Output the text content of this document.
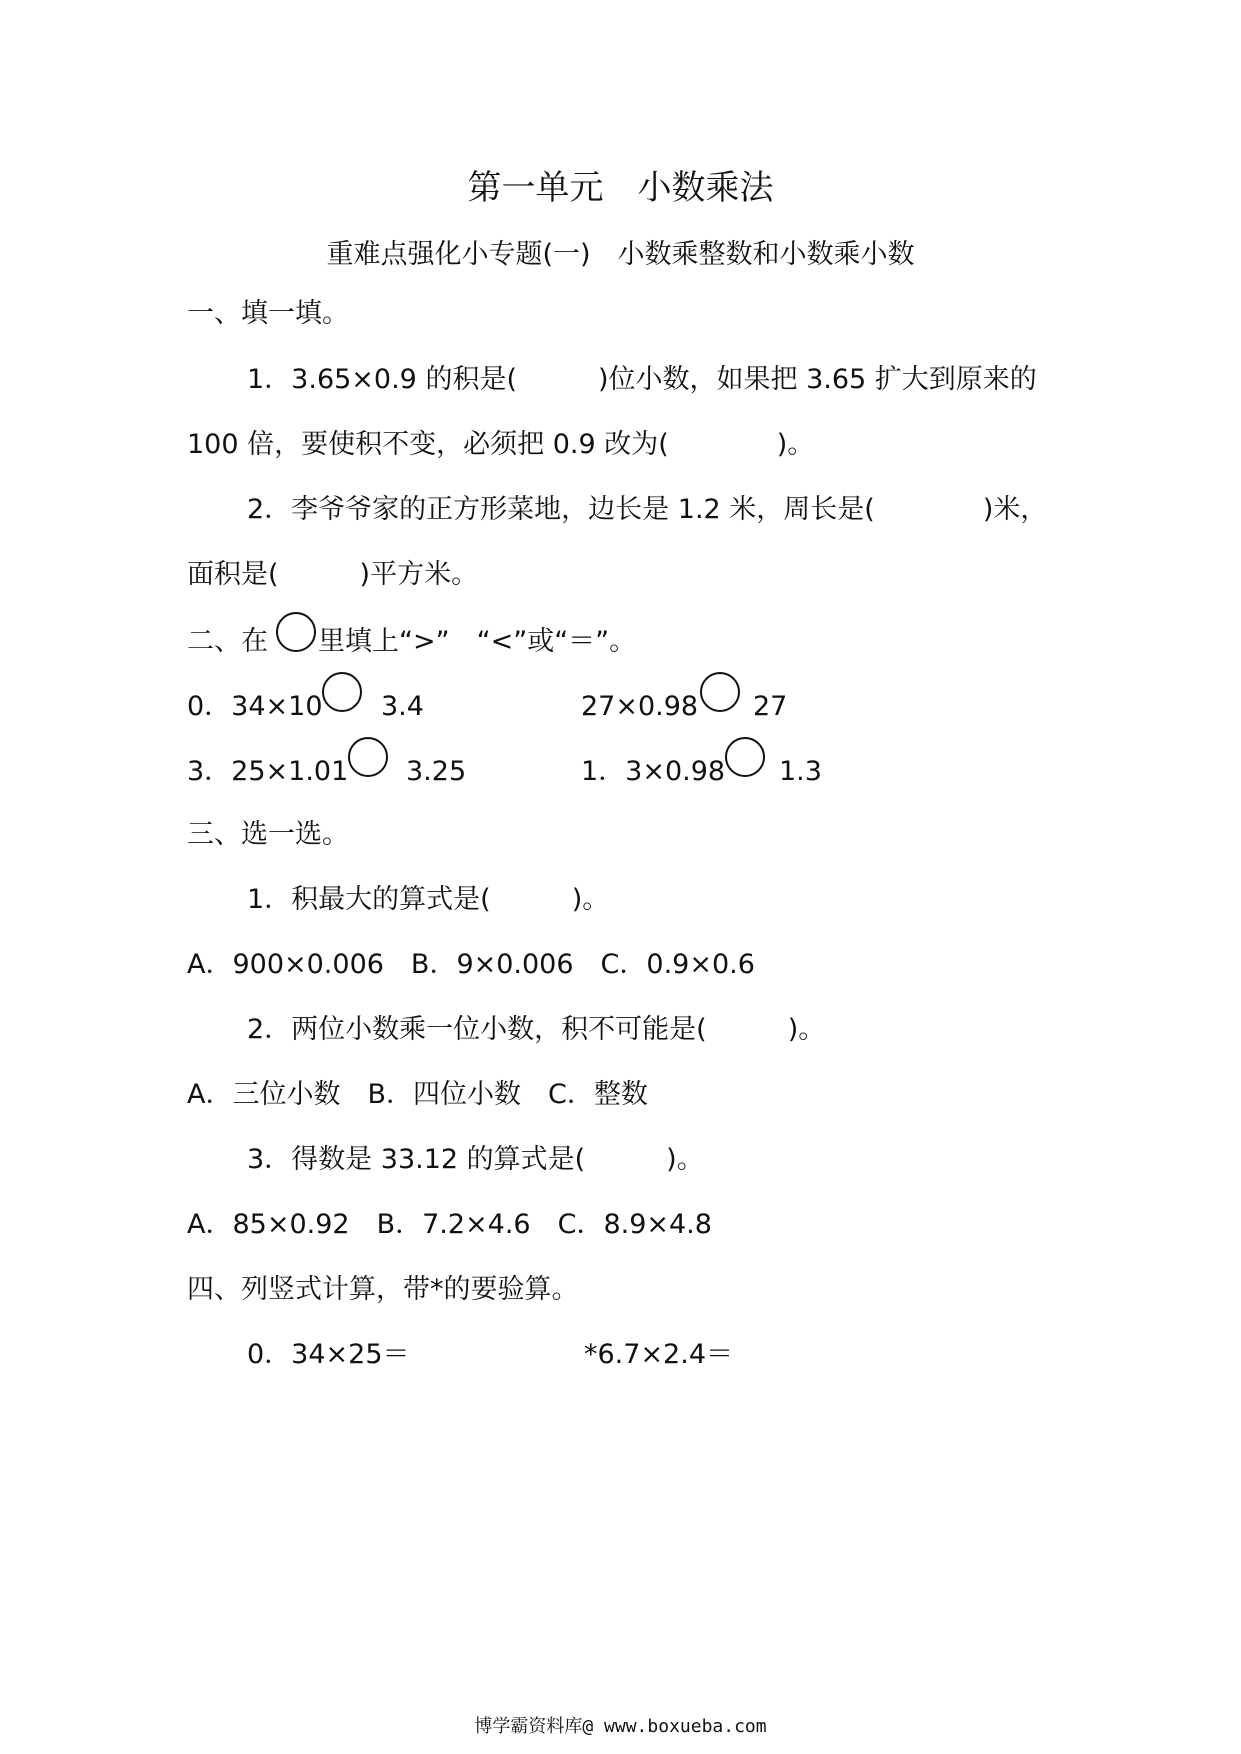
第一单元　小数乘法
重难点强化小专题(一)　小数乘整数和小数乘小数
一、填一填。
1．3.65×0.9 的积是(　　　)位小数，如果把 3.65 扩大到原来的
100 倍，要使积不变，必须把 0.9 改为(　　　　)。
2．李爷爷家的正方形菜地，边长是 1.2 米，周长是(　　　　)米，
面积是(　　　)平方米。
二、在 里填上“>”　“<”或“＝”。
0．34×10 3.4	27×0.98 27
3．25×1.01 3.25	1．3×0.98 1.3
三、选一选。
1．积最大的算式是(　　　)。
A．900×0.006　B．9×0.006　C．0.9×0.6
2．两位小数乘一位小数，积不可能是(　　　)。
A．三位小数　B．四位小数　C．整数
3．得数是 33.12 的算式是(　　　)。
A．85×0.92　B．7.2×4.6　C．8.9×4.8
四、列竖式计算，带*的要验算。
0．34×25＝	*6.7×2.4＝
博学霸资料库@ www.boxueba.com
